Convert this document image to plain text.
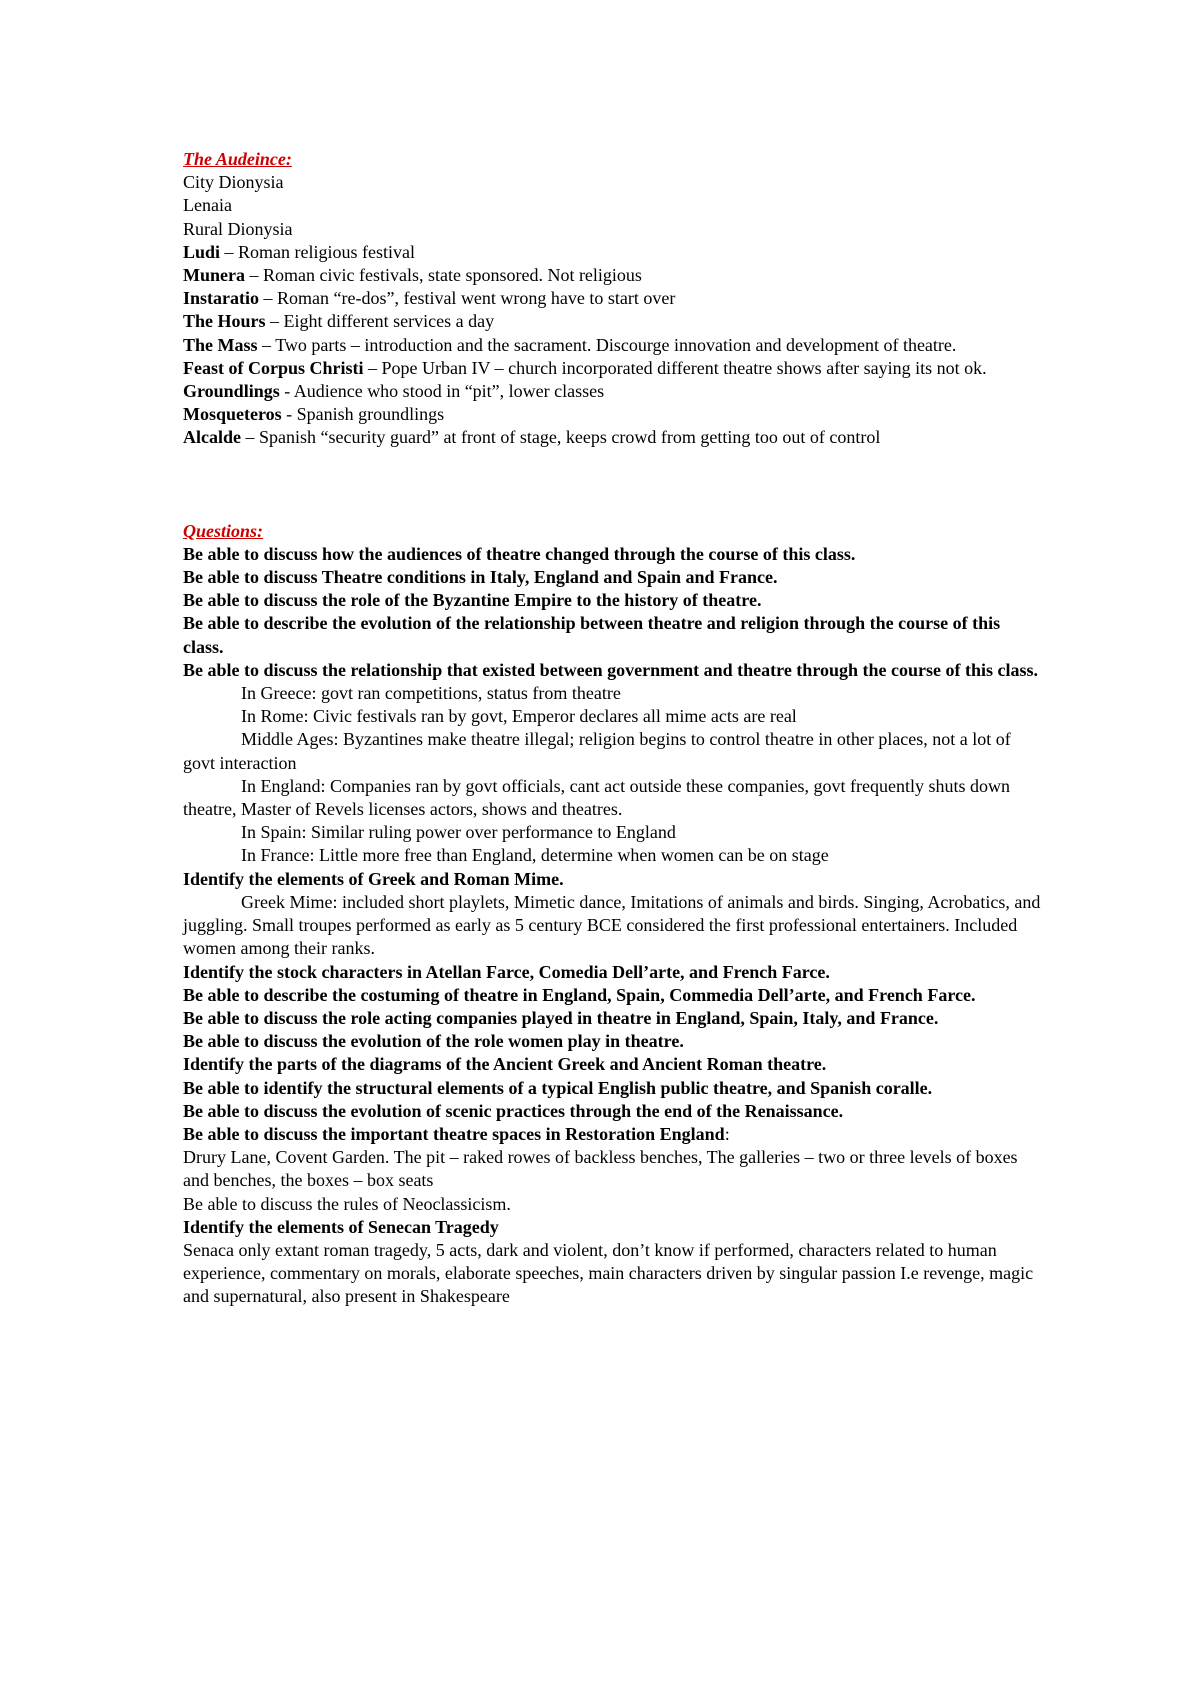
The Audeince:

City Dionysia

Lenaia

Rural Dionysia

Ludi – Roman religious festival

Munera – Roman civic festivals, state sponsored. Not religious

Instaratio – Roman “re-dos”, festival went wrong have to start over

The Hours – Eight different services a day

The Mass – Two parts – introduction and the sacrament. Discourge innovation and development of theatre.

Feast of Corpus Christi – Pope Urban IV – church incorporated different theatre shows after saying its not ok.

Groundlings - Audience who stood in “pit”, lower classes

Mosqueteros - Spanish groundlings

Alcalde – Spanish “security guard” at front of stage, keeps crowd from getting too out of control

Questions:

Be able to discuss how the audiences of theatre changed through the course of this class.

Be able to discuss Theatre conditions in Italy, England and Spain and France.

Be able to discuss the role of the Byzantine Empire to the history of theatre.

Be able to describe the evolution of the relationship between theatre and religion through the course of this class.

Be able to discuss the relationship that existed between government and theatre through the course of this class.

In Greece: govt ran competitions, status from theatre

In Rome: Civic festivals ran by govt, Emperor declares all mime acts are real

Middle Ages: Byzantines make theatre illegal; religion begins to control theatre in other places, not a lot of govt interaction

In England: Companies ran by govt officials, cant act outside these companies, govt frequently shuts down theatre, Master of Revels licenses actors, shows and theatres.

In Spain: Similar ruling power over performance to England

In France: Little more free than England, determine when women can be on stage

Identify the elements of Greek and Roman Mime.

Greek Mime: included short playlets, Mimetic dance, Imitations of animals and birds. Singing, Acrobatics, and juggling. Small troupes performed as early as 5 century BCE considered the first professional entertainers. Included women among their ranks.

Identify the stock characters in Atellan Farce, Comedia Dell’arte, and French Farce.

Be able to describe the costuming of theatre in England, Spain, Commedia Dell’arte, and French Farce.

Be able to discuss the role acting companies played in theatre in England, Spain, Italy, and France.

Be able to discuss the evolution of the role women play in theatre.

Identify the parts of the diagrams of the Ancient Greek and Ancient Roman theatre.

Be able to identify the structural elements of a typical English public theatre, and Spanish coralle.

Be able to discuss the evolution of scenic practices through the end of the Renaissance.

Be able to discuss the important theatre spaces in Restoration England:

Drury Lane, Covent Garden. The pit – raked rowes of backless benches, The galleries – two or three levels of boxes and benches, the boxes – box seats

Be able to discuss the rules of Neoclassicism.

Identify the elements of Senecan Tragedy

Senaca only extant roman tragedy, 5 acts, dark and violent, don’t know if performed, characters related to human experience, commentary on morals, elaborate speeches, main characters driven by singular passion I.e revenge, magic and supernatural, also present in Shakespeare
